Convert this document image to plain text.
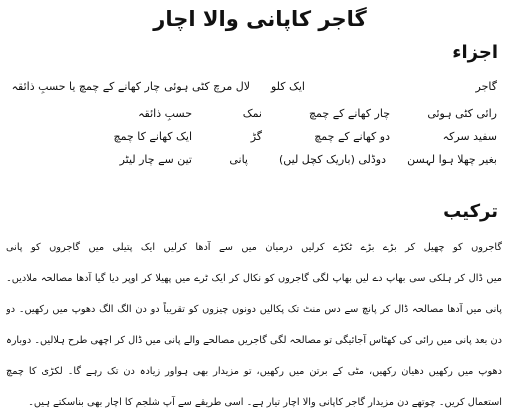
گاجر کاپانی والا اچار
اجزاء
گاجر
ایک کلو
لال مرچ کٹی ہوئی
چار کھانے کے چمچ یا حسبِ ذائقہ
رائی کٹی ہوئی
چار کھانے کے چمچ
نمک
حسبِ ذائقہ
سفید سرکہ
دو کھانے کے چمچ
گڑ
ایک کھانے کا چمچ
بغیر چھلا ہوا لہسن
دوڈلی (باریک کچل لیں)
پانی
تین سے چار لیٹر
ترکیب
گاجروں کو چھیل کر بڑے بڑے ٹکڑے کرلیں درمیان میں سے آدھا کرلیں ایک پتیلی میں گاجروں کو پانی
میں ڈال کر ہلکی سی بھاپ دے لیں بھاپ لگی گاجروں کو نکال کر ایک ٹرے میں پھیلا کر اوپر دیا گیا آدھا مصالحہ ملادیں۔
پانی میں آدھا مصالحہ ڈال کر پانچ سے دس منٹ تک پکالیں دونوں چیزوں کو تقریباً دو دن الگ الگ دھوپ میں رکھیں۔ دو
دن بعد پانی میں رائی کی کھٹاس آجائیگی تو مصالحہ لگی گاجریں مصالحے والے پانی میں ڈال کر اچھی طرح ہلالیں۔ دوبارہ
دھوپ میں رکھیں دھیان رکھیں، مٹی کے برتن میں رکھیں، تو مزیدار بھی ہواور زیادہ دن تک رہے گا۔ لکڑی کا چمچ
استعمال کریں۔ چوتھے دن مزیدار گاجر کاپانی والا اچار تیار ہے۔ اسی طریقے سے آپ شلجم کا اچار بھی بناسکتے ہیں۔
